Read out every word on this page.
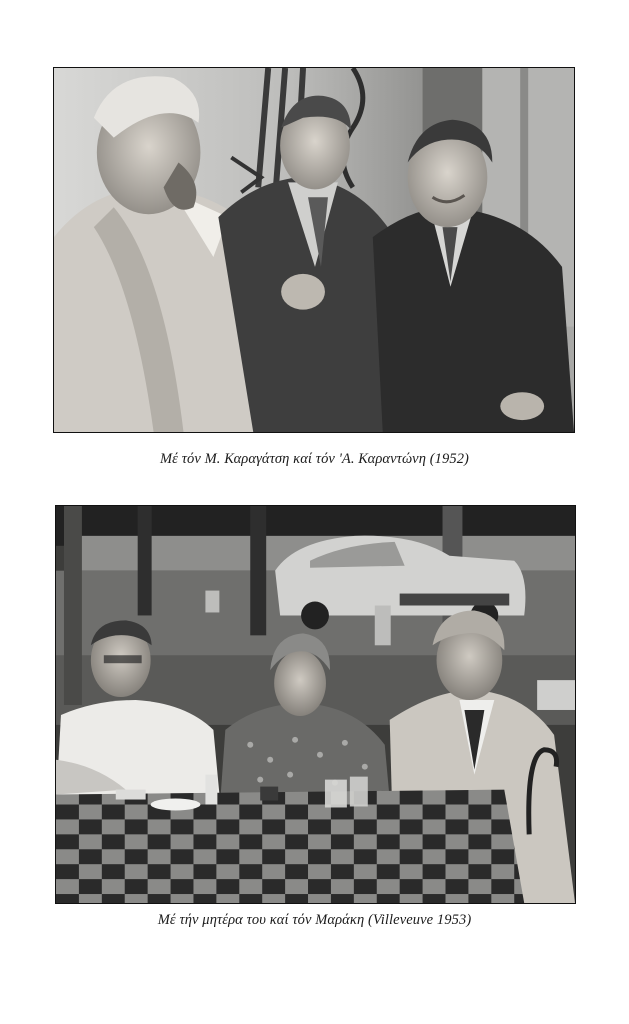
Μέ τόν Μ. Καραγάτση καί τόν 'Α. Καραντώνη (1952)
Μέ τήν μητέρα του καί τόν Μαράκη (Villeveuve 1953)
